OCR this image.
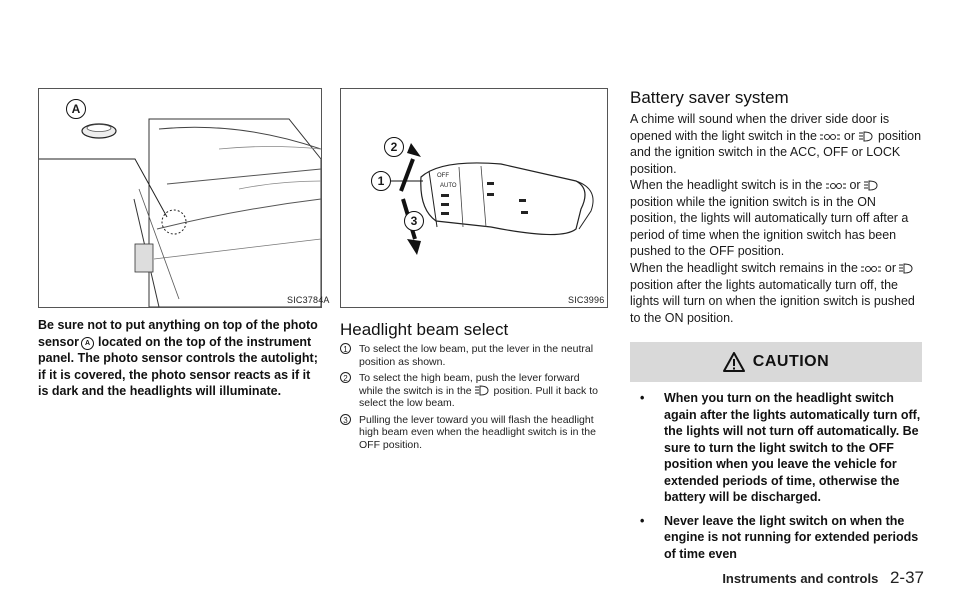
A
SIC3784A

Be sure not to put anything on top of the photo sensor A located on the top of the instrument panel. The photo sensor controls the autolight; if it is covered, the photo sensor reacts as if it is dark and the headlights will illuminate.

OFF
AUTO
1
2
3
SIC3996
Headlight beam select
1	To select the low beam, put the lever in the neutral position as shown.
2	To select the high beam, push the lever forward while the switch is in the position. Pull it back to select the low beam.
3	Pulling the lever toward you will flash the headlight high beam even when the headlight switch is in the OFF position.
Battery saver system

A chime will sound when the driver side door is opened with the light switch in the or position and the ignition switch in the ACC, OFF or LOCK position.

When the headlight switch is in the or  position while the ignition switch is in the ON position, the lights will automatically turn off after a period of time when the ignition switch has been pushed to the OFF position.

When the headlight switch remains in the or  position after the lights automatically turn off, the lights will turn on when the ignition switch is pushed to the ON position.

CAUTION
•	When you turn on the headlight switch again after the lights automatically turn off, the lights will not turn off automatically. Be sure to turn the light switch to the OFF position when you leave the vehicle for extended periods of time, otherwise the battery will be discharged.
•	Never leave the light switch on when the engine is not running for extended periods of time even
Instruments and controls 2-37
